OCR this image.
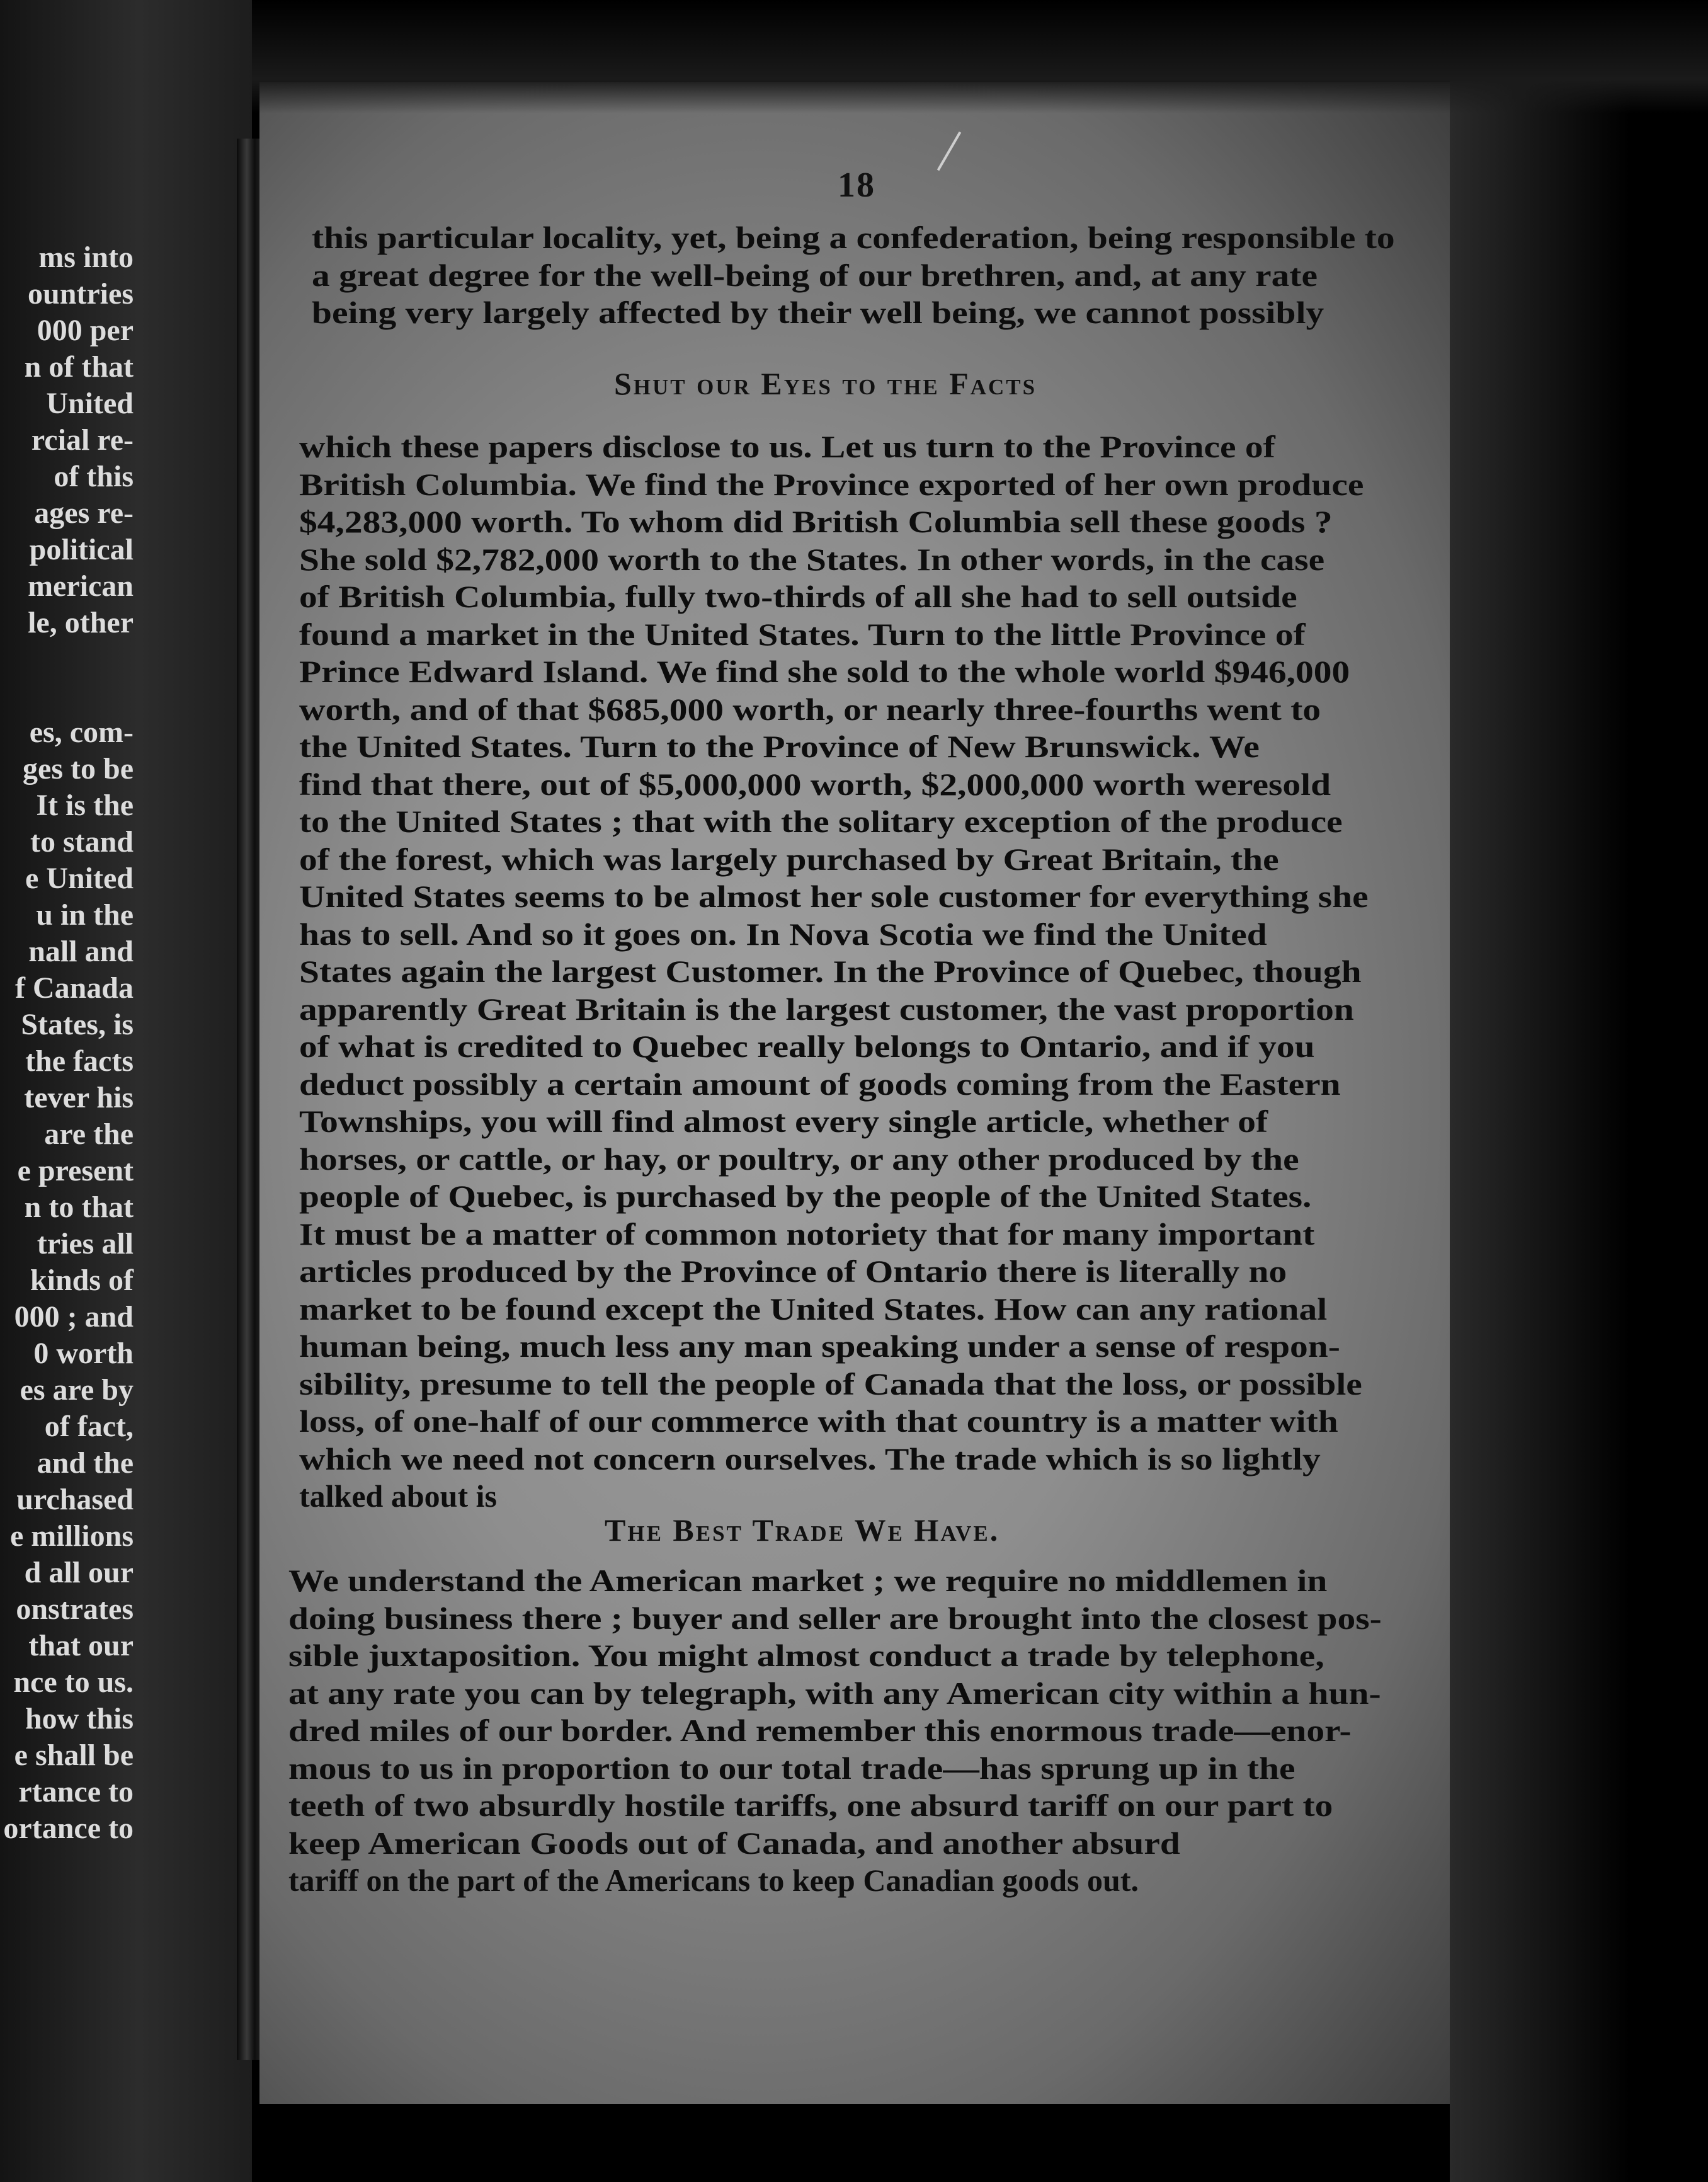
ms into
ountries
000 per
n of that
United
rcial re-
of this
ages re-
political
merican
le, other
es, com-
ges to be
It is the
to stand
e United
u in the
nall and
f Canada
States, is
the facts
tever his
are the
e present
n to that
tries all
kinds of
000 ; and
0 worth
es are by
of fact,
and the
urchased
e millions
d all our
onstrates
that our
nce to us.
how this
e shall be
rtance to
ortance to
18
this particular locality, yet, being a confederation, being responsible to
a great degree for the well-being of our brethren, and, at any rate
being very largely affected by their well being, we cannot possibly
Shut our Eyes to the Facts
which these papers disclose to us. Let us turn to the Province of
British Columbia. We find the Province exported of her own produce
$4,283,000 worth. To whom did British Columbia sell these goods ?
She sold $2,782,000 worth to the States. In other words, in the case
of British Columbia, fully two-thirds of all she had to sell outside
found a market in the United States. Turn to the little Province of
Prince Edward Island. We find she sold to the whole world $946,000
worth, and of that $685,000 worth, or nearly three-fourths went to
the United States. Turn to the Province of New Brunswick. We
find that there, out of $5,000,000 worth, $2,000,000 worth weresold
to the United States ; that with the solitary exception of the produce
of the forest, which was largely purchased by Great Britain, the
United States seems to be almost her sole customer for everything she
has to sell. And so it goes on. In Nova Scotia we find the United
States again the largest Customer. In the Province of Quebec, though
apparently Great Britain is the largest customer, the vast proportion
of what is credited to Quebec really belongs to Ontario, and if you
deduct possibly a certain amount of goods coming from the Eastern
Townships, you will find almost every single article, whether of
horses, or cattle, or hay, or poultry, or any other produced by the
people of Quebec, is purchased by the people of the United States.
It must be a matter of common notoriety that for many important
articles produced by the Province of Ontario there is literally no
market to be found except the United States. How can any rational
human being, much less any man speaking under a sense of respon-
sibility, presume to tell the people of Canada that the loss, or possible
loss, of one-half of our commerce with that country is a matter with
which we need not concern ourselves. The trade which is so lightly
talked about is
The Best Trade We Have.
We understand the American market ; we require no middlemen in
doing business there ; buyer and seller are brought into the closest pos-
sible juxtaposition. You might almost conduct a trade by telephone,
at any rate you can by telegraph, with any American city within a hun-
dred miles of our border. And remember this enormous trade—enor-
mous to us in proportion to our total trade—has sprung up in the
teeth of two absurdly hostile tariffs, one absurd tariff on our part to
keep American Goods out of Canada, and another absurd
tariff on the part of the Americans to keep Canadian goods out.
